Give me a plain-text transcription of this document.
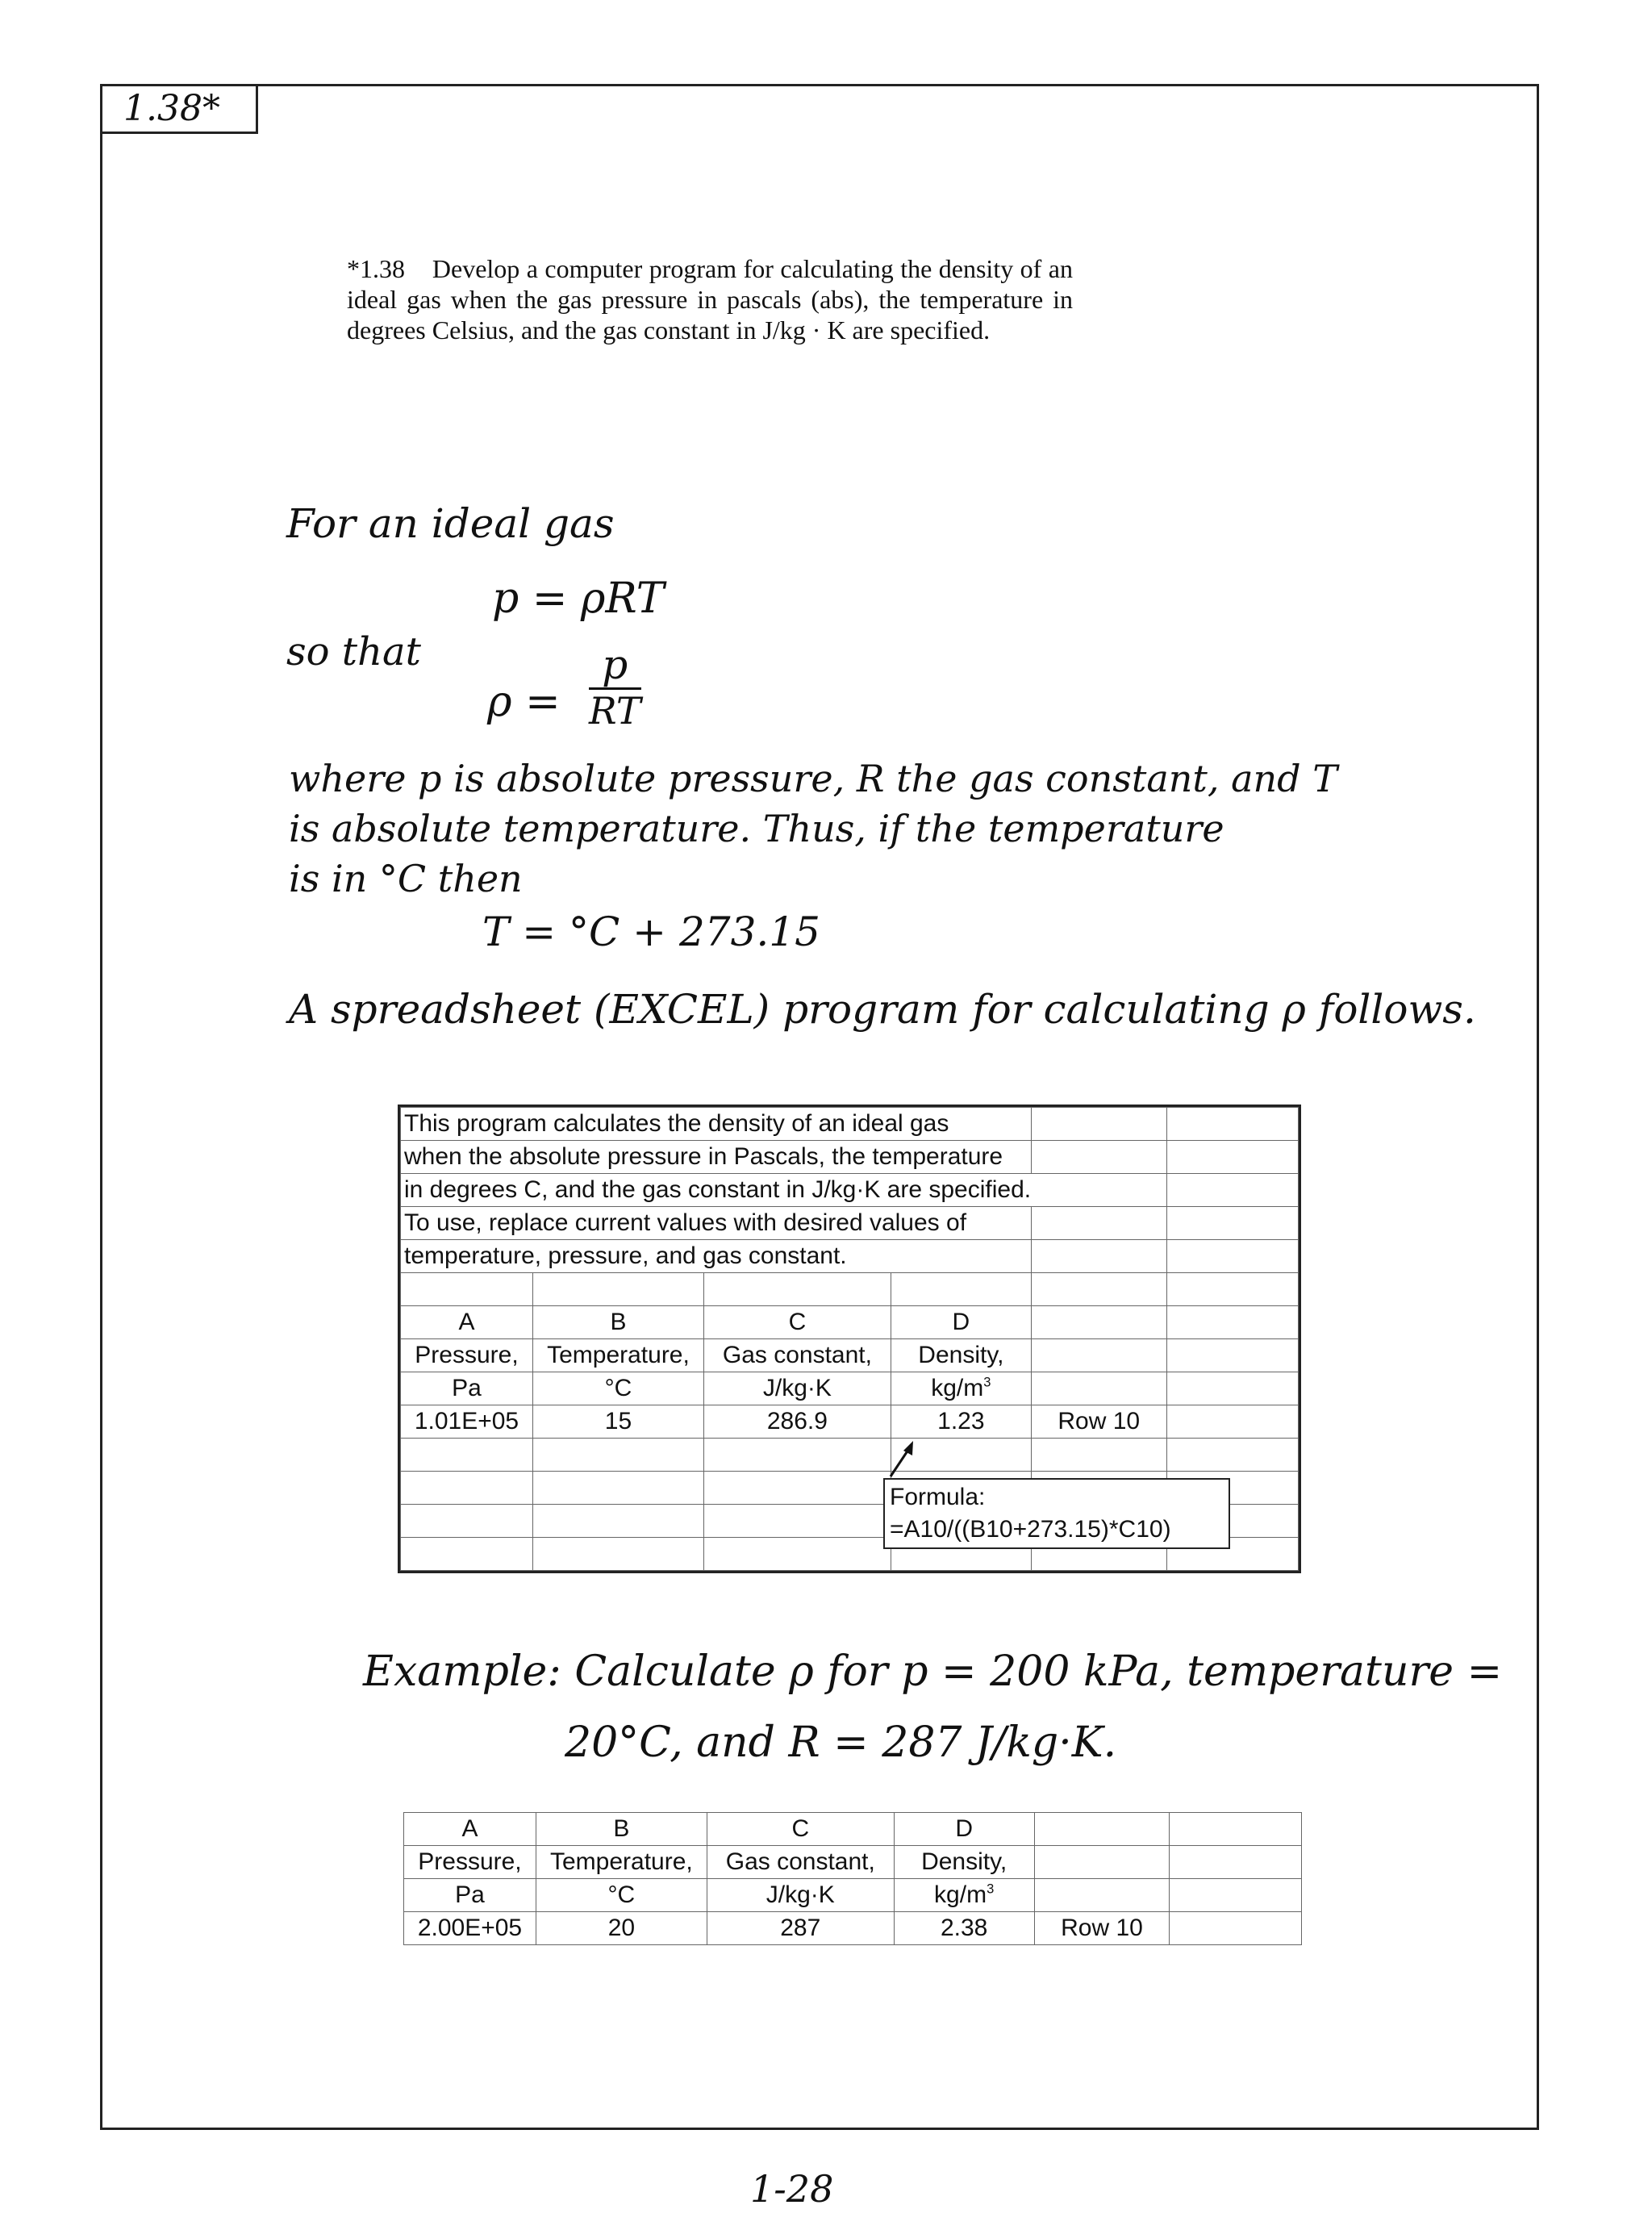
1.38*
*1.38 Develop a computer program for calculating the density of an ideal gas when the gas pressure in pascals (abs), the temperature in degrees Celsius, and the gas constant in J/kg · K are specified.
For an ideal gas
p = ρRT
so that
$\rho = \frac{p}{RT}$
where p is absolute pressure, R the gas constant, and T
is absolute temperature. Thus, if the temperature
is in °C then
T = °C + 273.15
A spreadsheet (EXCEL) program for calculating ρ follows.
This program calculates the density of an ideal gas					
when the absolute pressure in Pascals, the temperature					
in degrees C, and the gas constant in J/kg·K are specified.					
To use, replace current values with desired values of					
temperature, pressure, and gas constant.					

A	B	C	D		
Pressure,	Temperature,	Gas constant,	Density,		
Pa	°C	J/kg·K	$kg/m^3$		
1.01E+05	15	286.9	1.23	Row 10	

Formula:
=A10/((B10+273.15)*C10)
Example: Calculate ρ for p = 200 kPa, temperature =
20°C, and R = 287 J/kg·K.
A	B	C	D		
Pressure,	Temperature,	Gas constant,	Density,		
Pa	°C	J/kg·K	$kg/m^3$		
2.00E+05	20	287	2.38	Row 10	
1-28
